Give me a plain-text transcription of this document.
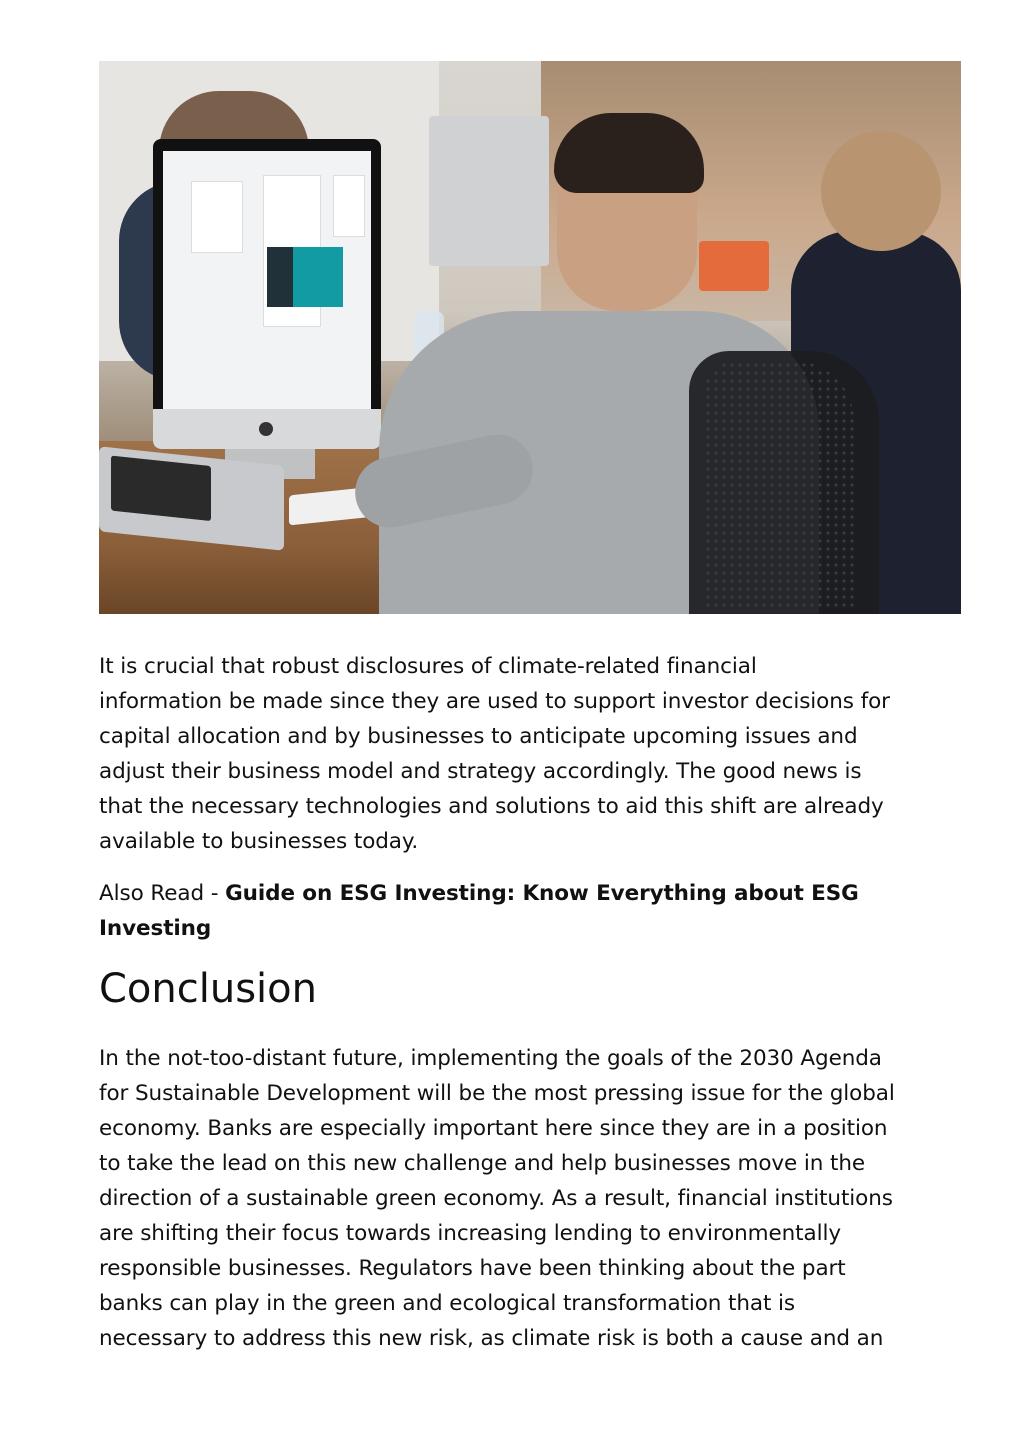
It is crucial that robust disclosures of climate-related financial
information be made since they are used to support investor decisions for
capital allocation and by businesses to anticipate upcoming issues and
adjust their business model and strategy accordingly. The good news is
that the necessary technologies and solutions to aid this shift are already
available to businesses today.

Also Read - Guide on ESG Investing: Know Everything about ESG
Investing

Conclusion

In the not-too-distant future, implementing the goals of the 2030 Agenda
for Sustainable Development will be the most pressing issue for the global
economy. Banks are especially important here since they are in a position
to take the lead on this new challenge and help businesses move in the
direction of a sustainable green economy. As a result, financial institutions
are shifting their focus towards increasing lending to environmentally
responsible businesses. Regulators have been thinking about the part
banks can play in the green and ecological transformation that is
necessary to address this new risk, as climate risk is both a cause and an
